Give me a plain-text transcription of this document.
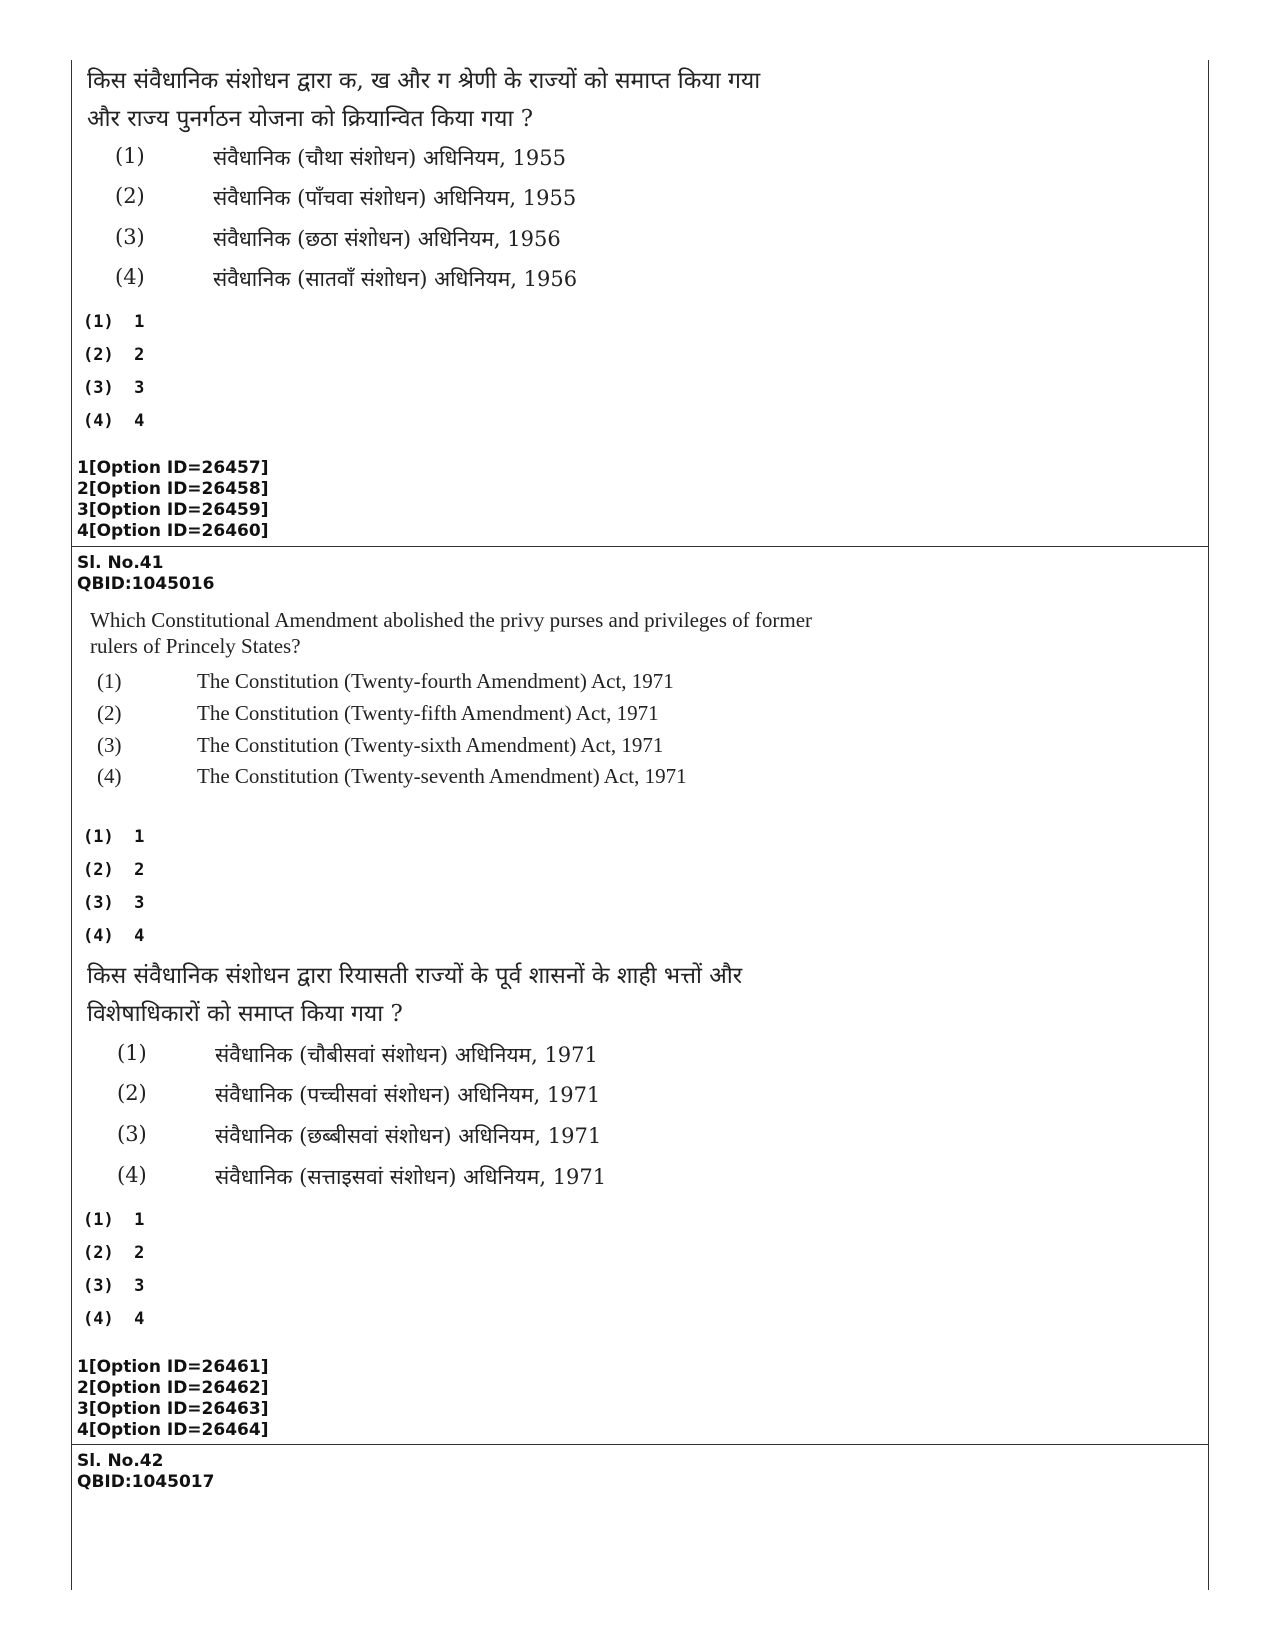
किस संवैधानिक संशोधन द्वारा क, ख और ग श्रेणी के राज्यों को समाप्त किया गया
और राज्य पुनर्गठन योजना को क्रियान्वित किया गया ?
(1)	संवैधानिक (चौथा संशोधन) अधिनियम, 1955
(2)	संवैधानिक (पाँचवा संशोधन) अधिनियम, 1955
(3)	संवैधानिक (छठा संशोधन) अधिनियम, 1956
(4)	संवैधानिक (सातवाँ संशोधन) अधिनियम, 1956
(1)  1
(2)  2
(3)  3
(4)  4
1[Option ID=26457]
2[Option ID=26458]
3[Option ID=26459]
4[Option ID=26460]
Sl. No.41
QBID:1045016
Which Constitutional Amendment abolished the privy purses and privileges of former
rulers of Princely States?
(1)	The Constitution (Twenty-fourth Amendment) Act, 1971
(2)	The Constitution (Twenty-fifth Amendment) Act, 1971
(3)	The Constitution (Twenty-sixth Amendment) Act, 1971
(4)	The Constitution (Twenty-seventh Amendment) Act, 1971
(1)  1
(2)  2
(3)  3
(4)  4
किस संवैधानिक संशोधन द्वारा रियासती राज्यों के पूर्व शासनों के शाही भत्तों और
विशेषाधिकारों को समाप्त किया गया ?
(1)	संवैधानिक (चौबीसवां संशोधन) अधिनियम, 1971
(2)	संवैधानिक (पच्चीसवां संशोधन) अधिनियम, 1971
(3)	संवैधानिक (छब्बीसवां संशोधन) अधिनियम, 1971
(4)	संवैधानिक (सत्ताइसवां संशोधन) अधिनियम, 1971
(1)  1
(2)  2
(3)  3
(4)  4
1[Option ID=26461]
2[Option ID=26462]
3[Option ID=26463]
4[Option ID=26464]
Sl. No.42
QBID:1045017
